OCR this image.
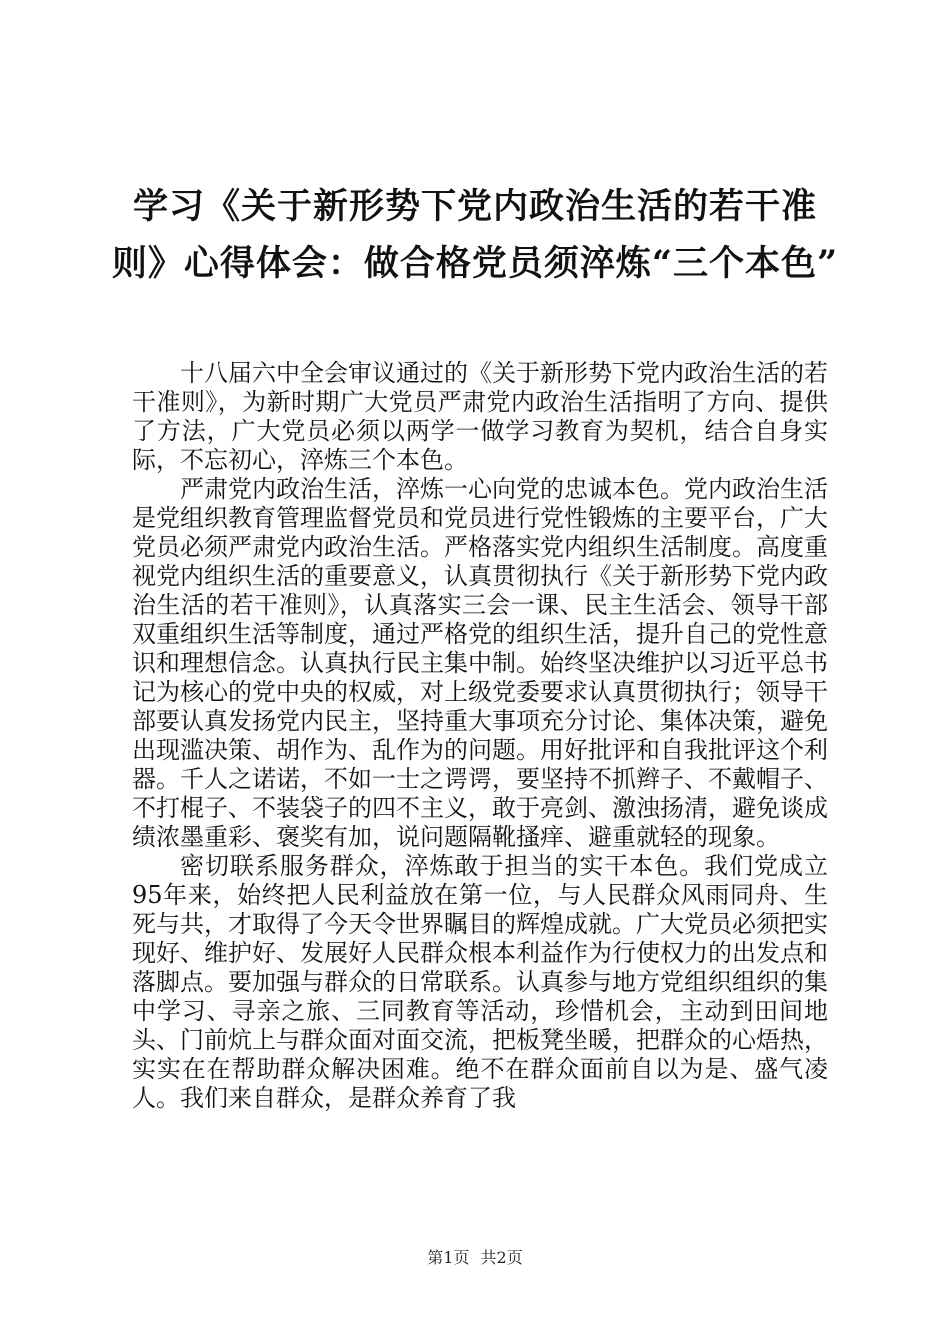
学习《关于新形势下党内政治生活的若干准则》心得体会：做合格党员须淬炼“三个本色”

十八届六中全会审议通过的《关于新形势下党内政治生活的若干准则》，为新时期广大党员严肃党内政治生活指明了方向、提供了方法，广大党员必须以两学一做学习教育为契机，结合自身实际，不忘初心，淬炼三个本色。

严肃党内政治生活，淬炼一心向党的忠诚本色。党内政治生活是党组织教育管理监督党员和党员进行党性锻炼的主要平台，广大党员必须严肃党内政治生活。严格落实党内组织生活制度。高度重视党内组织生活的重要意义，认真贯彻执行《关于新形势下党内政治生活的若干准则》，认真落实三会一课、民主生活会、领导干部双重组织生活等制度，通过严格党的组织生活，提升自己的党性意识和理想信念。认真执行民主集中制。始终坚决维护以习近平总书记为核心的党中央的权威，对上级党委要求认真贯彻执行；领导干部要认真发扬党内民主，坚持重大事项充分讨论、集体决策，避免出现滥决策、胡作为、乱作为的问题。用好批评和自我批评这个利器。千人之诺诺，不如一士之谔谔，要坚持不抓辫子、不戴帽子、不打棍子、不装袋子的四不主义，敢于亮剑、激浊扬清，避免谈成绩浓墨重彩、褒奖有加，说问题隔靴搔痒、避重就轻的现象。

密切联系服务群众，淬炼敢于担当的实干本色。我们党成立95年来，始终把人民利益放在第一位，与人民群众风雨同舟、生死与共，才取得了今天令世界瞩目的辉煌成就。广大党员必须把实现好、维护好、发展好人民群众根本利益作为行使权力的出发点和落脚点。要加强与群众的日常联系。认真参与地方党组织组织的集中学习、寻亲之旅、三同教育等活动，珍惜机会，主动到田间地头、门前炕上与群众面对面交流，把板凳坐暖，把群众的心焐热，实实在在帮助群众解决困难。绝不在群众面前自以为是、盛气凌人。我们来自群众，是群众养育了我

第1页 共2页
